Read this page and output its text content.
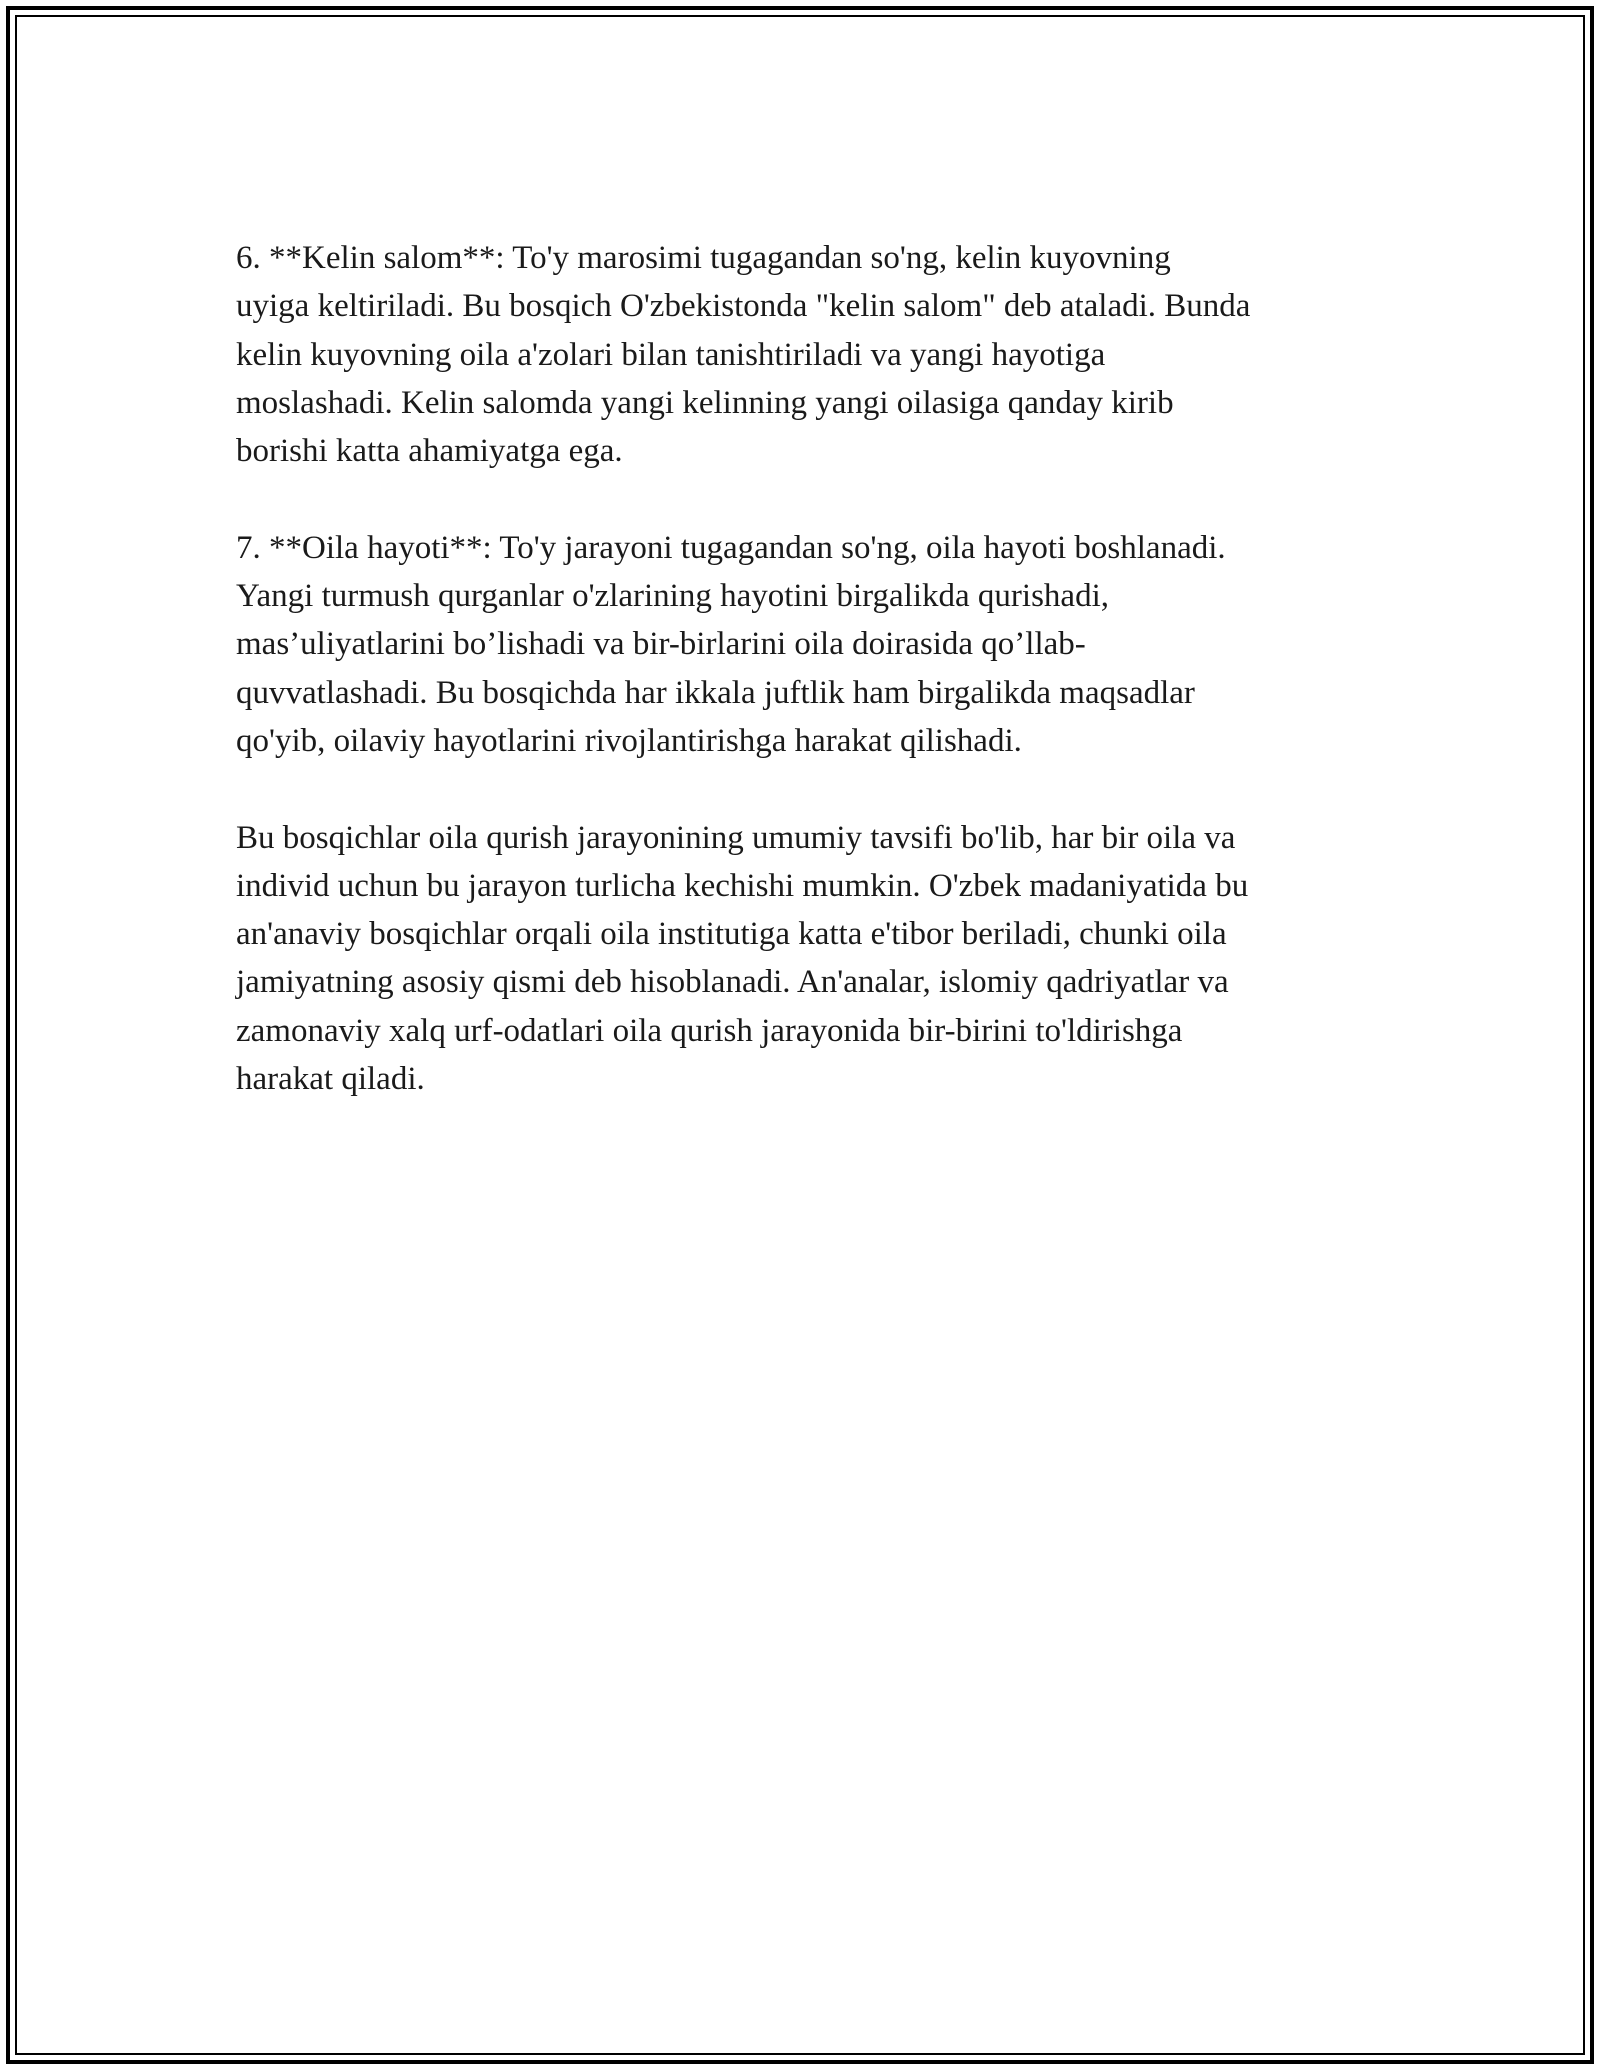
6. **Kelin salom**: To'y marosimi tugagandan so'ng, kelin kuyovning
uyiga keltiriladi. Bu bosqich O'zbekistonda "kelin salom" deb ataladi. Bunda
kelin kuyovning oila a'zolari bilan tanishtiriladi va yangi hayotiga
moslashadi. Kelin salomda yangi kelinning yangi oilasiga qanday kirib
borishi katta ahamiyatga ega.

7. **Oila hayoti**: To'y jarayoni tugagandan so'ng, oila hayoti boshlanadi.
Yangi turmush qurganlar o'zlarining hayotini birgalikda qurishadi,
mas’uliyatlarini bo’lishadi va bir-birlarini oila doirasida qo’llab-
quvvatlashadi. Bu bosqichda har ikkala juftlik ham birgalikda maqsadlar
qo'yib, oilaviy hayotlarini rivojlantirishga harakat qilishadi.

Bu bosqichlar oila qurish jarayonining umumiy tavsifi bo'lib, har bir oila va
individ uchun bu jarayon turlicha kechishi mumkin. O'zbek madaniyatida bu
an'anaviy bosqichlar orqali oila institutiga katta e'tibor beriladi, chunki oila
jamiyatning asosiy qismi deb hisoblanadi. An'analar, islomiy qadriyatlar va
zamonaviy xalq urf-odatlari oila qurish jarayonida bir-birini to'ldirishga
harakat qiladi.
